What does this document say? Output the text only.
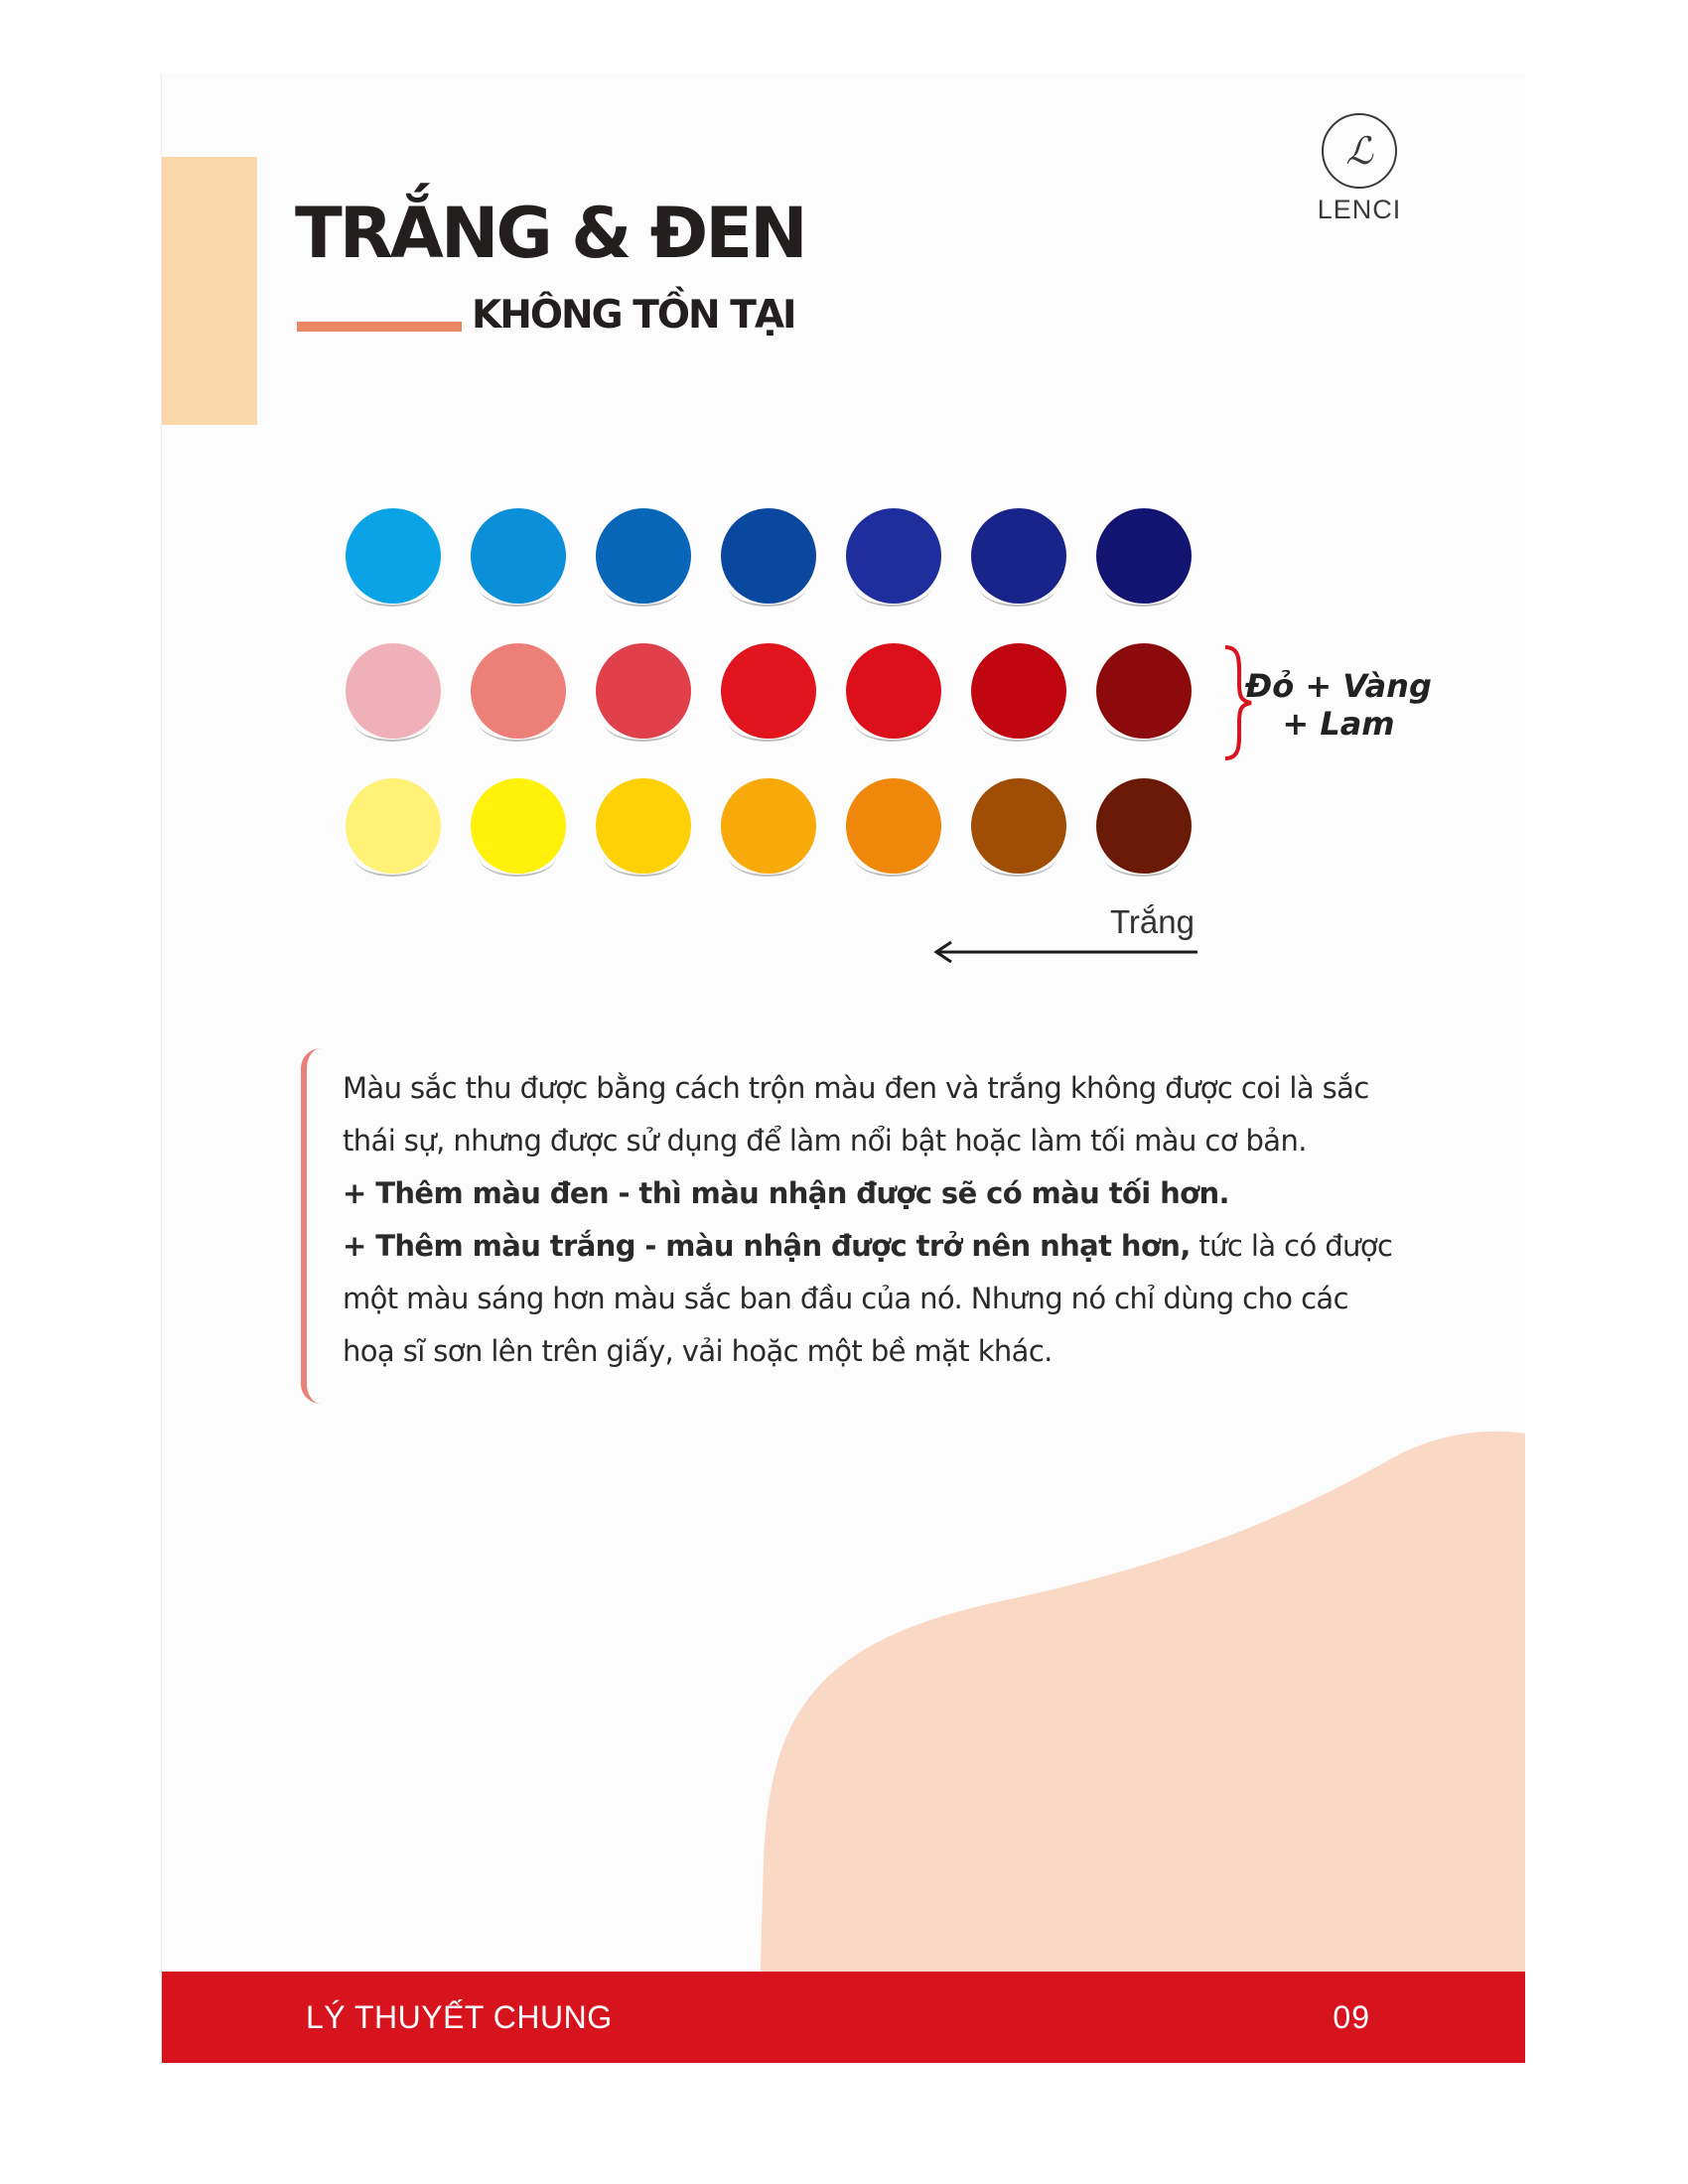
TRẮNG & ĐEN
KHÔNG TỒN TẠI
ℒ
LENCI
Đỏ + Vàng
+ Lam
Trắng

Màu sắc thu được bằng cách trộn màu đen và trắng không được coi là sắc thái sự, nhưng được sử dụng để làm nổi bật hoặc làm tối màu cơ bản.
+ Thêm màu đen - thì màu nhận được sẽ có màu tối hơn.
+ Thêm màu trắng - màu nhận được trở nên nhạt hơn, tức là có được một màu sáng hơn màu sắc ban đầu của nó. Nhưng nó chỉ dùng cho các hoạ sĩ sơn lên trên giấy, vải hoặc một bề mặt khác.

LÝ THUYẾT CHUNG	09
